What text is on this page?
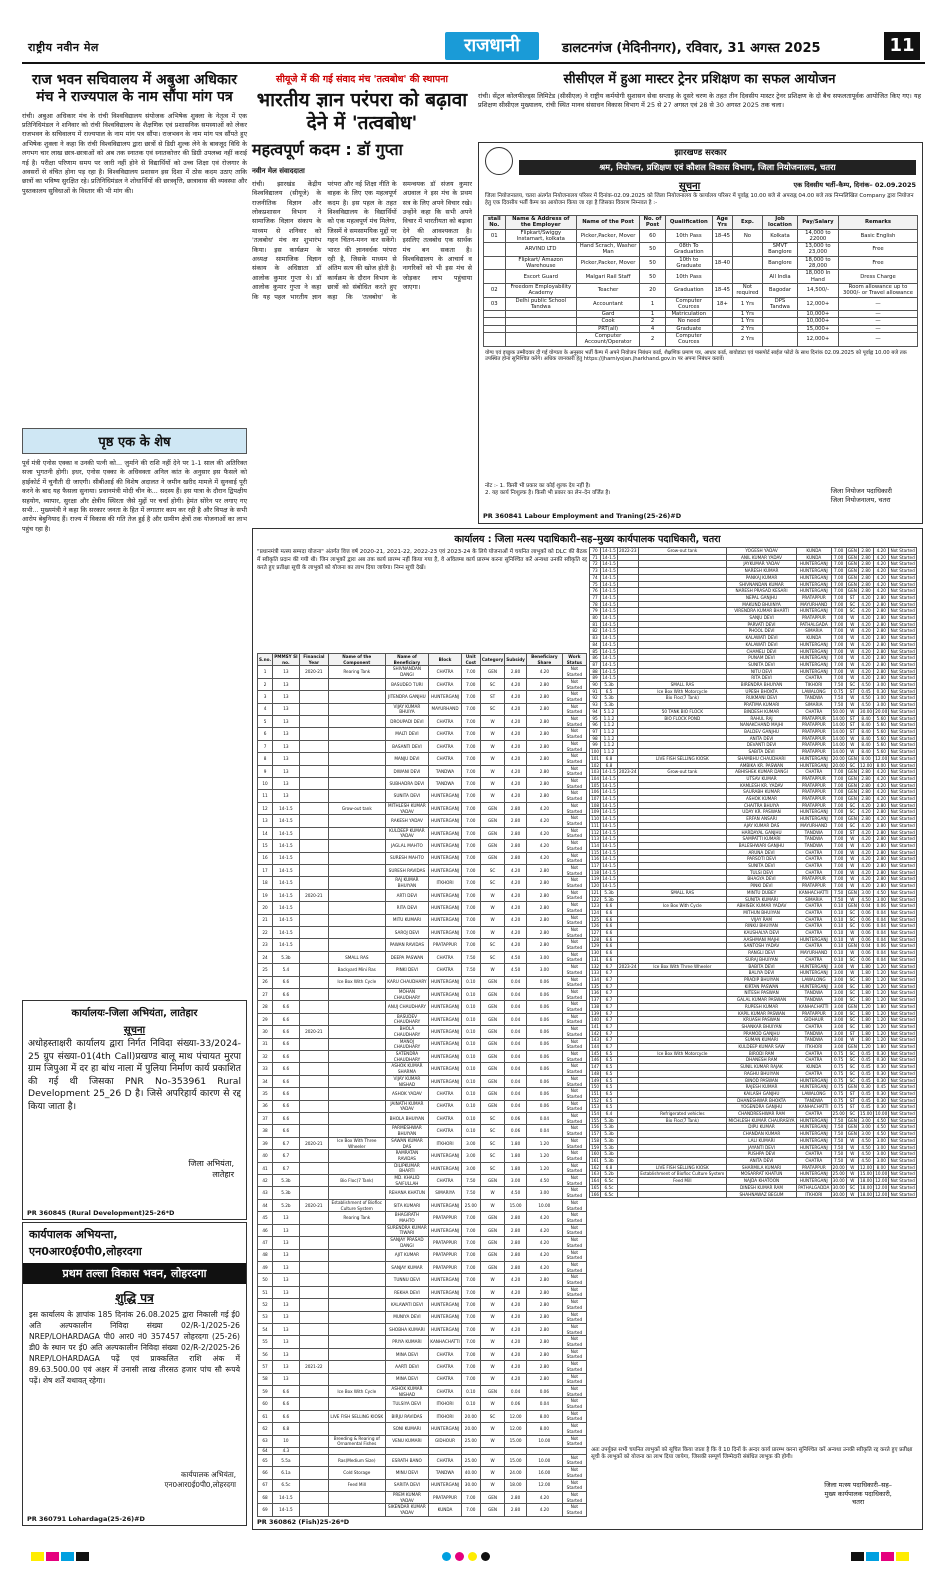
राष्ट्रीय नवीन मेल	राजधानी	डालटनगंज (मेदिनीनगर), रविवार, 31 अगस्त 2025	11
राज भवन सचिवालय में अबुआ अधिकार मंच ने राज्यपाल के नाम सौंपा मांग पत्र
रांची। अबुआ अधिकार मंच के रांची विश्वविद्यालय संयोजक अभिषेक शुक्ला के नेतृत्व में एक प्रतिनिधिमंडल ने शनिवार को रांची विश्वविद्यालय के शैक्षणिक एवं प्रशासनिक समस्याओं को लेकर राजभवन के सचिवालय में राज्यपाल के नाम मांग पत्र सौंपा। राजभवन के नाम मांग पत्र सौंपते हुए अभिषेक शुक्ला ने कहा कि रांची विश्वविद्यालय द्वारा छात्रों से डिग्री शुल्क लेने के बावजूद विधि के लगभग चार लाख छात्र-छात्राओं को अब तक स्नातक एवं स्नातकोत्तर की डिग्री उपलब्ध नहीं कराई गई है। परीक्षा परिणाम समय पर जारी नहीं होने से विद्यार्थियों को उच्च शिक्षा एवं रोजगार के अवसरों से वंचित होना पड़ रहा है। विश्वविद्यालय प्रशासन इस दिशा में ठोस कदम उठाए ताकि छात्रों का भविष्य सुरक्षित रहे। प्रतिनिधिमंडल ने शोधार्थियों की छात्रवृत्ति, छात्रावास की व्यवस्था और पुस्तकालय सुविधाओं के विस्तार की भी मांग की।
पृष्ठ एक के शेष
पूर्व मंत्री एनोस एक्का व उनकी पत्नी को... जुर्माने की राशि नहीं देने पर 1-1 साल की अतिरिक्त सजा भुगतनी होगी। इधर, एनोस एक्का के अधिवक्ता अनिल कांत के अनुसार इस फैसले को हाईकोर्ट में चुनौती दी जाएगी। सीबीआई की विशेष अदालत ने जमीन खरीद मामले में सुनवाई पूरी करने के बाद यह फैसला सुनाया। प्रधानमंत्री मोदी चीन के... सदस्य हैं। इस यात्रा के दौरान द्विपक्षीय सहयोग, व्यापार, सुरक्षा और क्षेत्रीय स्थिरता जैसे मुद्दों पर चर्चा होगी। हेमंत सोरेन पर लगाए गए सभी... मुख्यमंत्री ने कहा कि सरकार जनता के हित में लगातार काम कर रही है और विपक्ष के सभी आरोप बेबुनियाद हैं। राज्य में विकास की गति तेज हुई है और ग्रामीण क्षेत्रों तक योजनाओं का लाभ पहुंच रहा है।
कार्यालयः-जिला अभियंता, लातेहार
सूचना
अधोहस्ताक्षरी कार्यालय द्वारा निर्गत निविदा संख्या-33/2024-25 ग्रुप संख्या-01(4th Call)प्रखण्ड बालू माथ पंचायत मुरपा ग्राम जिपुआ में दर हा बांध नाला में पुलिया निर्माण कार्य प्रकाशित की गई थी जिसका PNR No-353961 Rural Development 25_26 D है। जिसे अपरिहार्य कारण से रद्द किया जाता है।
जिला अभियंता,
लातेहार
PR 360845 (Rural Development)25-26*D
कार्यपालक अभियन्ता,
एन0आर0ई0पी0,लोहरदगा
प्रथम तल्ला विकास भवन, लोहरदगा
शुद्धि पत्र
इस कार्यालय के ज्ञापांक 185 दिनांक 26.08.2025 द्वारा निकाली गई ई0 अति अल्पकालीन निविदा संख्या 02/R-1/2025-26 NREP/LOHARDAGA पी0 आर0 नं0 357457 लोहरदगा (25-26) डी0 के स्थान पर ई0 अति अल्पकालीन निविदा संख्या 02/R-2/2025-26 NREP/LOHARDAGA पढ़ें एवं प्राक्कलित राशि अंक में 89.63.500.00 एवं अक्षर में उनासी लाख तीरसठ हजार पांच सौ रूपये पढ़ें। शेष शर्तें यथावत् रहेगा।
कार्यपालक अभियंता,
एन0आर0ई0पी0,लोहरदगा
PR 360791 Lohardaga(25-26)#D
सीयूजे में की गई संवाद मंच 'तत्वबोध' की स्थापना
भारतीय ज्ञान परंपरा को बढ़ावा देने में 'तत्वबोध'
महत्वपूर्ण कदम : डॉ गुप्ता
नवीन मेल संवाददाता
रांची। झारखंड केंद्रीय विश्वविद्यालय (सीयूजे) के राजनीतिक विज्ञान और लोकप्रशासन विभाग ने सामाजिक विज्ञान संकाय के माध्यम से शनिवार को 'तत्वबोध' मंच का शुभारंभ किया। इस कार्यक्रम के अध्यक्ष सामाजिक विज्ञान संकाय के अधिष्ठाता डॉ आलोक कुमार गुप्ता थे। डॉ आलोक कुमार गुप्ता ने कहा कि यह पहल भारतीय ज्ञान परंपरा और नई शिक्षा नीति के वाहक के लिए एक महत्वपूर्ण कदम है। इस पहल के तहत विश्वविद्यालय के विद्यार्थियों को एक महत्वपूर्ण मंच मिलेगा, जिसमें वे समसामयिक मुद्दों पर गहन चिंतन-मनन कर सकेंगे। भारत की ज्ञानवर्धक परंपरा रही है, जिसके माध्यम से अंतिम सत्य की खोज होती है। कार्यक्रम के दौरान विभाग के छात्रों को संबोधित करते हुए कहा कि 'तत्वबोध' के समन्वयक डॉ संजय कुमार अग्रवाल ने इस मंच के प्रथम सत्र के लिए अपने विचार रखे। उन्होंने कहा कि सभी अपने विचार में भारतीयता को बढ़ावा देने की आवश्यकता है। इसलिए तत्वबोध एक सार्थक मंच बन सकता है। विश्वविद्यालय के आचार्य व नागरिकों को भी इस मंच से जोड़कर लाभ पहुंचाया जाएगा।
सीसीएल में हुआ मास्टर ट्रेनर प्रशिक्षण का सफल आयोजन
रांची। सेंट्रल कोलफील्ड्स लिमिटेड (सीसीएल) ने राष्ट्रीय कर्मयोगी सुशासन सेवा सप्ताह के दूसरे चरण के तहत तीन दिवसीय मास्टर ट्रेनर प्रशिक्षण के दो बैच सफलतापूर्वक आयोजित किए गए। यह प्रशिक्षण सीसीएल मुख्यालय, रांची स्थित मानव संसाधन विकास विभाग में 25 से 27 अगस्त एवं 28 से 30 अगस्त 2025 तक चला।
झारखण्ड सरकार
श्रम, नियोजन, प्रशिक्षण एवं कौशल विकास विभाग, जिला नियोजनालय, चतरा
सूचना	एक दिवसीय भर्ती–कैम्प, दिनांक– 02.09.2025
जिला नियोजनालय, चतरा अंतर्गत नियोजनालय परिसर में दिनांक-02.09.2025 को जिला नियोजनालय के कार्यालय परिसर में पूर्वाह्न 10.00 बजे से अपराह्न 04.00 बजे तक निम्नलिखित Company द्वारा नियोजन हेतु एक दिवसीय भर्ती कैम्प का आयोजन किया जा रहा है जिसका विवरण निम्नवत है :-
stall No.	Name & Address of the Employer	Name of the Post	No. of Post	Qualification	Age Yrs	Exp.	Job location	Pay/Salary	Remarks
01	Flipkart/Swiggy Instamart, kolkata	Picker,Packer, Mover	60	10th Pass	18-45	No	Kolkata	14,000 to 22000	Basic English
	ARVIND LTD	Hand Scrach, Washer Man	50	08th To Graduation			SMVT Banglore	13,000 to 23,000	Free
	Flipkart/ Amazon Warehouse	Picker,Packer, Mover	50	10th to Graduate	18-40		Banglore	18,000 to 28,000	Free
	Escort Guard	Malgari Rail Staff	50	10th Pass			All India	18,000 In Hand	Dress Charge
02	Freedom Employability Academy	Teacher	20	Graduation	18-45	Not required	Bagodar	14,500/-	Room allowance up to 3000/- or Travel allowance
03	Delhi public School Tandwa	Accountant	1	Computer Cources	18+	1 Yrs	DPS Tandwa	12,000+	—
		Gard	1	Matriculation		1 Yrs		10,000+	—
		Cook	2	No need		1 Yrs		10,000+	—
		PRT(all)	4	Graduate		2 Yrs		15,000+	—
		Computer Account/Operator	2	Computer Cources		2 Yrs		12,000+	—
योग्य एवं इच्छुक उम्मीदवार दी गई योग्यता के अनुसार भर्ती कैम्प में अपने नियोजन निबंधन कार्ड, शैक्षणिक प्रमाण पत्र, आधार कार्ड, बायोडाटा एवं पासपोर्ट साईज फोटो के साथ दिनांक 02.09.2025 को पूर्वाह्न 10.00 बजे तक उपस्थित होना सुनिश्चित करेंगे। अधिक जानकारी हेतु https://jharniyojan.jharkhand.gov.in पर अपना निबंधन करावें।
नोट :- 1. किसी भी प्रकार का कोई शुल्क देय नहीं है।
2. यह कार्य निःशुल्क है। किसी भी प्रकार का लेन–देन वर्जित है।	जिला नियोजन पदाधिकारी
जिला नियोजनालय, चतरा
PR 360841 Labour Employment and Traning(25-26)#D
कार्यालय : जिला मत्स्य पदाधिकारी–सह–मुख्य कार्यपालक पदाधिकारी, चतरा
"प्रधानमंत्री मत्स्य सम्पदा योजना" अंतर्गत वित्त वर्ष 2020-21, 2021-22, 2022-23 एवं 2023-24 के लिये योजनाओं में चयनित लाभुकों को DLC की बैठक में स्वीकृति प्रदान की गयी थी। जिन लाभुकों द्वारा अब तक कार्य प्रारम्भ नहीं किया गया है, वे अविलम्ब कार्य प्रारम्भ करना सुनिश्चित करें अन्यथा उनकी स्वीकृति रद्द करते हुए प्रतीक्षा सूची के लाभुकों को योजना का लाभ दिया जायेगा। निम्न सूची देखें।
S.no.	PMMSY Sl no.	Financial Year	Name of the Component	Name of Beneficiary	Block	Unit Cost	Category	Subsidy	Beneficiary Share	Work Status
1	13	2020-21	Rearing Tank	SHIVNANDAN DANGI	CHATRA	7.00	GEN	2.80	4.20	Not Started
2	13			BASUDEO TURI	CHATRA	7.00	SC	4.20	2.80	Not Started
3	13			JITENDRA GANJHU	HUNTERGANJ	7.00	ST	4.20	2.80	Not Started
4	13			VIJAY KUMAR BHUIYA	MAYURHAND	7.00	SC	4.20	2.80	Not Started
5	13			DROUPADI DEVI	CHATRA	7.00	W	4.20	2.80	Not Started
6	13			MALTI DEVI	CHATRA	7.00	W	4.20	2.80	Not Started
7	13			BASANTI DEVI	CHATRA	7.00	W	4.20	2.80	Not Started
8	13			MANJU DEVI	CHATRA	7.00	W	4.20	2.80	Not Started
9	13			DIWANI DEVI	TANDWA	7.00	W	4.20	2.80	Not Started
10	13			SUBHADRA DEVI	TANDWA	7.00	W	4.20	2.80	Not Started
11	13			SUNITA DEVI	HUNTERGANJ	7.00	W	4.20	2.80	Not Started
12	14-1.5		Grow-out tank	MITHLESH KUMAR YADAV	HUNTERGANJ	7.00	GEN	2.80	4.20	Not Started
13	14-1.5			RAKESH YADAV	HUNTERGANJ	7.00	GEN	2.80	4.20	Not Started
14	14-1.5			KULDEEP KUMAR YADAV	HUNTERGANJ	7.00	GEN	2.80	4.20	Not Started
15	14-1.5			JAGLAL MAHTO	HUNTERGANJ	7.00	GEN	2.80	4.20	Not Started
16	14-1.5			SURESH MAHTO	HUNTERGANJ	7.00	GEN	2.80	4.20	Not Started
17	14-1.5			SURESH RAVIDAS	HUNTERGANJ	7.00	SC	4.20	2.80	Not Started
18	14-1.5			RAJ KUMAR BHUIYAN	ITKHORI	7.00	SC	4.20	2.80	Not Started
19	14-1.5	2020-21		ARTI DEVI	HUNTERGANJ	7.00	W	4.20	2.80	Not Started
20	14-1.5			RITA DEVI	HUNTERGANJ	7.00	W	4.20	2.80	Not Started
21	14-1.5			MITU KUMARI	HUNTERGANJ	7.00	W	4.20	2.80	Not Started
22	14-1.5			SAROJ DEVI	HUNTERGANJ	7.00	W	4.20	2.80	Not Started
23	14-1.5			PAWAN RAVIDAS	PRATAPPUR	7.00	SC	4.20	2.80	Not Started
24	5.3b		SMALL RAS	DEEPA PASWAN	CHATRA	7.50	SC	4.50	3.00	Not Started
25	5.4		Backyard Mini Ras	PINKI DEVI	CHATRA	7.50	W	4.50	3.00	Not Started
26	6.6		Ice Box With Cycle	KARU CHAUDHARY	HUNTERGANJ	0.10	GEN	0.04	0.06	Not Started
27	6.6			MOHAN CHAUDHARY	HUNTERGANJ	0.10	GEN	0.04	0.06	Not Started
28	6.6			ANUJ CHAUDHARY	HUNTERGANJ	0.10	GEN	0.04	0.06	Not Started
29	6.6			BASUDEV CHAUDHARY	HUNTERGANJ	0.10	GEN	0.04	0.06	Not Started
30	6.6	2020-21		BHOLA CHAUDHARY	HUNTERGANJ	0.10	GEN	0.04	0.06	Not Started
31	6.6			MANOJ CHAUDHARY	HUNTERGANJ	0.10	GEN	0.04	0.06	Not Started
32	6.6			SATENDRA CHAUDHARY	HUNTERGANJ	0.10	GEN	0.04	0.06	Not Started
33	6.6			ASHOK KUMAR SHARMA	HUNTERGANJ	0.10	GEN	0.04	0.06	Not Started
34	6.6			VIJAY KUMAR NISHAD	HUNTERGANJ	0.10	GEN	0.04	0.06	Not Started
35	6.6			ASHOK YADAV	CHATRA	0.10	GEN	0.04	0.06	Not Started
36	6.6			JAINATH KUMAR YADAV	CHATRA	0.10	GEN	0.04	0.06	Not Started
37	6.6			BHOLA BHUIYAN	CHATRA	0.10	SC	0.06	0.04	Not Started
38	6.6			PARMESHWAR BHUIYAN	CHATRA	0.10	SC	0.06	0.04	Not Started
39	6.7	2020-21	Ice Box With Three Wheeler	SAWAN KUMAR DAS	ITKHORI	3.00	SC	1.80	1.20	Not Started
40	6.7			RAMRATAN RAVIDAS	HUNTERGANJ	3.00	SC	1.80	1.20	Not Started
41	6.7			DILIPKUMAR BHARTI	HUNTERGANJ	3.00	SC	1.80	1.20	Not Started
42	5.3b		Bio Floc(7 Tank)	MD. KHALID SAIFULLAH	CHATRA	7.50	GEN	3.00	4.50	Not Started
43	5.3b			REHANA KHATUN	SIMARIYA	7.50	W	4.50	3.00	Not Started
44	5.2b	2020-21	Establishment of Biofloc Culture System	SITA KUMARI	HUNTERGANJ	25.00	W	15.00	10.00	Not Started
45	13		Rearing Tank	BHAGIRATH MAHTO	PRATAPPUR	7.00	GEN	2.80	4.20	Not Started
46	13			SURENDRA KUMAR TIWARI	HUNTERGANJ	7.00	GEN	2.80	4.20	Not Started
47	13			SANJAY PRASAD DANGI	PRATAPPUR	7.00	GEN	2.80	4.20	Not Started
48	13			AJIT KUMAR	PRATAPPUR	7.00	GEN	2.80	4.20	Not Started
49	13			SANJAY KUMAR	PRATAPPUR	7.00	GEN	2.80	4.20	Not Started
50	13			TUNNU DEVI	HUNTERGANJ	7.00	W	4.20	2.80	Not Started
51	13			REKHA DEVI	HUNTERGANJ	7.00	W	4.20	2.80	Not Started
52	13			KALAWATI DEVI	HUNTERGANJ	7.00	W	4.20	2.80	Not Started
53	13			MUNIYA DEVI	HUNTERGANJ	7.00	W	4.20	2.80	Not Started
54	13			SHOBHA KUMARI	HUNTERGANJ	7.00	W	4.20	2.80	Not Started
55	13			PRIYA KUMARI	KANHACHATTI	7.00	W	4.20	2.80	Not Started
56	13			MINA DEVI	CHATRA	7.00	W	4.20	2.80	Not Started
57	13	2021-22		AARTI DEVI	CHATRA	7.00	W	4.20	2.80	Not Started
58	13			MINA DEVI	CHATRA	7.00	W	4.20	2.80	Not Started
59	6.6		Ice Box With Cycle	ASHOK KUMAR NISHAD	CHATRA	0.10	GEN	0.04	0.06	Not Started
60	6.6			TULSIYA DEVI	ITKHORI	0.10	W	0.06	0.04	Not Started
61	6.6		LIVE FISH SELLING KIOSK	BIRJU RAVIDAS	ITKHORI	20.00	SC	12.00	8.00	Not Started
62	6.8			SONI KUMARI	HUNTERGANJ	20.00	W	12.00	8.00	Not Started
63	10		Breeding & Rearing of Ornamental Fishes	VENU KUMARI	GIDHOUR	25.00	W	15.00	10.00	Not Started
64	4.3									
65	5.5a		Ras(Medium Size)	ESRATH BANO	CHATRA	25.00	W	15.00	10.00	Not Started
66	6.1a		Cold Storage	MINU DEVI	TANDWA	40.00	W	24.00	16.00	Not Started
67	6.5c		Feed Mill	SARITA DEVI	HUNTERGANJ	30.00	W	18.00	12.00	Not Started
68	14-1.5			PREM KUMAR YADAV	PRATAPPUR	7.00	GEN	2.80	4.20	Not Started
69	14-1.5			SIKENDAR KUMAR YADAV	KUNDA	7.00	GEN	2.80	4.20	Not Started
70	14-1.5	2022-23	Grow-out tank	YOGESH YADAV	KUNDA	7.00	GEN	2.80	4.20	Not Started
71	14-1.5			ANIL KUMAR YADAV	KUNDA	7.00	GEN	2.80	4.20	Not Started
72	14-1.5			JAYKUMAR YADAV	HUNTERGANJ	7.00	GEN	2.80	4.20	Not Started
73	14-1.5			NARESH KUMAR	HUNTERGANJ	7.00	GEN	2.80	4.20	Not Started
74	14-1.5			PANKAJ KUMAR	HUNTERGANJ	7.00	GEN	2.80	4.20	Not Started
75	14-1.5			SHIVNANDAN KUMAR	HUNTERGANJ	7.00	GEN	2.80	4.20	Not Started
76	14-1.5			NARESH PRASAD KESARI	HUNTERGANJ	7.00	GEN	2.80	4.20	Not Started
77	14-1.5			NEPAL GANJHU	PRATAPPUR	7.00	ST	4.20	2.80	Not Started
78	14-1.5			MAKUND BHUINYA	MAYURHAND	7.00	SC	4.20	2.80	Not Started
79	14-1.5			VIRENDRA KUMAR BHARTI	HUNTERGANJ	7.00	SC	4.20	2.80	Not Started
80	14-1.5			SANJU DEVI	PRATAPPUR	7.00	W	4.20	2.80	Not Started
81	14-1.5			PARVATI DEVI	PATHALGADA	7.00	W	4.20	2.80	Not Started
82	14-1.5			PHOOL DEVI	SIMARIA	7.00	W	4.20	2.80	Not Started
83	14-1.5			KALAWATI DEVI	KUNDA	7.00	W	4.20	2.80	Not Started
84	14-1.5			KALAWATI DEVI	HUNTERGANJ	7.00	W	4.20	2.80	Not Started
85	14-1.5			CHAMELI DEVI	HUNTERGANJ	7.00	W	4.20	2.80	Not Started
86	14-1.5			PUNAM DEVI	HUNTERGANJ	7.00	W	4.20	2.80	Not Started
87	14-1.5			SUNITA DEVI	HUNTERGANJ	7.00	W	4.20	2.80	Not Started
88	14-1.5			NITU DEVI	HUNTERGANJ	7.00	W	4.20	2.80	Not Started
89	14-1.5			RITA DEVI	CHATRA	7.00	W	4.20	2.80	Not Started
90	5.3b		SMALL RAS	BIRENDRA BHUIYAN	TIKHORI	7.50	SC	4.50	3.00	Not Started
91	6.5		Ice Box With Motorcycle	UPESH BHOKTA	LAWALONG	0.75	ST	0.45	0.30	Not Started
92	5.3b		Bio Floc(7 Tank)	RUKMANI DEVI	TANDWA	7.50	W	4.50	3.00	Not Started
93	5.3b			PRATIMA KUMARI	SIMARIA	7.50	W	4.50	3.00	Not Started
94	5.1.2		50 TANK BIO FLOCK	BINDESH KUMAR	CHATRA	50.00	W	30.00	20.00	Not Started
95	1.1.2		BIO FLOCK POND	RAHUL RAJ	PRATAPPUR	14.00	ST	8.40	5.60	Not Started
96	1.1.2			NANAKCHAND MAJHI	PRATAPPUR	14.00	ST	8.40	5.60	Not Started
97	1.1.2			BALDEV GANJHU	PRATAPPUR	14.00	ST	8.40	5.60	Not Started
98	1.1.2			ANITA DEVI	PRATAPPUR	14.00	W	8.40	5.60	Not Started
99	1.1.2			DEVANTI DEVI	PRATAPPUR	14.00	W	8.40	5.60	Not Started
100	1.1.2			SABITA DEVI	PRATAPPUR	14.00	W	8.40	5.60	Not Started
101	6.8		LIVE FISH SELLING KIOSK	SHAMBHU CHAUDHARI	HUNTERGANJ	20.00	GEN	8.00	12.00	Not Started
102	6.8			AMBIKA KR. PASWAN	HUNTERGANJ	20.00	SC	12.00	8.00	Not Started
103	14-1.5	2023-24	Grow-out tank	ABHISHEK KUMAR DANGI	CHATRA	7.00	GEN	2.80	4.20	Not Started
104	14-1.5			UTSAV KUMAR	PRATAPPUR	7.00	GEN	2.80	4.20	Not Started
105	14-1.5			KAMLESH KR. YADAV	PRATAPPUR	7.00	GEN	2.80	4.20	Not Started
106	14-1.5			SAURABH KUMAR	PRATAPPUR	7.00	GEN	2.80	4.20	Not Started
107	14-1.5			ASHOK KUMAR	PRATAPPUR	7.00	GEN	2.80	4.20	Not Started
108	14-1.5			CHAITRA BHUIYA	PRATAPPUR	7.00	SC	4.20	2.80	Not Started
109	14-1.5			UDAY KR. PASWAN	HUNTERGANJ	7.00	SC	4.20	2.80	Not Started
110	14-1.5			ERFAN ANSARI	HUNTERGANJ	7.00	GEN	2.80	4.20	Not Started
111	14-1.5			AJAY KUMAR DAS	MAYURHAND	7.00	SC	4.20	2.80	Not Started
112	14-1.5			HARDAYAL GANJHU	TANDWA	7.00	ST	4.20	2.80	Not Started
113	14-1.5			SAMPATTI KUMARI	TANDWA	7.00	W	4.20	2.80	Not Started
114	14-1.5			BALESHWARI GANJHU	TANDWA	7.00	W	4.20	2.80	Not Started
115	14-1.5			ARUNA DEVI	CHATRA	7.00	W	4.20	2.80	Not Started
116	14-1.5			PARSOTI DEVI	CHATRA	7.00	W	4.20	2.80	Not Started
117	14-1.5			SUNITA DEVI	CHATRA	7.00	W	4.20	2.80	Not Started
118	14-1.5			TULSI DEVI	CHATRA	7.00	W	4.20	2.80	Not Started
119	14-1.5			BHAGYA DEVI	PRATAPPUR	7.00	W	4.20	2.80	Not Started
120	14-1.5			PINKI DEVI	PRATAPPUR	7.00	W	4.20	2.80	Not Started
121	5.3b		SMALL RAS	MINTU DUBEY	KANHACHATTI	7.50	GEN	3.00	4.50	Not Started
122	5.3b			SUNITA KUMARI	SIMARIA	7.50	W	4.50	3.00	Not Started
123	6.6		Ice Box With Cycle	ABHISEK KUMAR YADAV	CHATRA	0.10	GEN	0.04	0.06	Not Started
124	6.6			MITHUN BHUIYAN	CHATRA	0.10	SC	0.06	0.04	Not Started
125	6.6			VIJAY RAM	CHATRA	0.10	SC	0.06	0.04	Not Started
126	6.6			RINKU BHUIYAN	CHATRA	0.10	SC	0.06	0.04	Not Started
127	6.6			KAUSHALYA DEVI	CHATRA	0.10	W	0.06	0.04	Not Started
128	6.6			AASHMANI MAJHI	HUNTERGANJ	0.10	W	0.06	0.04	Not Started
129	6.6			SANTOSH YADAV	CHATRA	0.10	GEN	0.04	0.06	Not Started
130	6.6			RANGLI DEVI	MAYURHAND	0.10	W	0.06	0.04	Not Started
131	6.6			SURAJ BHUIYAN	CHATRA	0.10	SC	0.06	0.04	Not Started
132	6.7	2023-24	Ice Box With Three Wheeler	BABITA DEVI	HUNTERGANJ	3.00	W	1.80	1.20	Not Started
133	6.7			BALIYA DEVI	HUNTERGANJ	3.00	W	1.80	1.20	Not Started
134	6.7			PRADIP BHUIYAN	LAWALONG	3.00	SC	1.80	1.20	Not Started
135	6.7			KIRTAN PASWAN	HUNTERGANJ	3.00	SC	1.80	1.20	Not Started
136	6.7			NITESH PASWAN	TANDWA	3.00	SC	1.80	1.20	Not Started
137	6.7			GALAL KUMAR PASWAN	TANDWA	3.00	SC	1.80	1.20	Not Started
138	6.7			RUPESH KUMAR	KANHACHATTI	3.00	GEN	1.20	1.80	Not Started
139	6.7			KAPIL KUMAR PASWAN	PRATAPPUR	3.00	SC	1.80	1.20	Not Started
140	6.7			KRUASH PASWAN	GIDHAUR	3.00	SC	1.80	1.20	Not Started
141	6.7			SHANKAR BHUIYAN	CHATRA	3.00	SC	1.80	1.20	Not Started
142	6.7			PRAMOD GANJHU	TANDWA	3.00	ST	1.80	1.20	Not Started
143	6.7			SUMAN KUMARI	TANDWA	3.00	W	1.80	1.20	Not Started
144	6.7			KULDEEP KUMAR SAW	ITKHORI	3.00	GEN	1.20	1.80	Not Started
145	6.5		Ice Box With Motorcycle	BIRODI RAM	CHATRA	0.75	SC	0.45	0.30	Not Started
146	6.5			DHANESH RAM	CHATRA	0.75	SC	0.45	0.30	Not Started
147	6.5			SUNIL KUMAR RAJAK	KUNDA	0.75	SC	0.45	0.30	Not Started
148	6.5			RAGHU BHUIYAN	CHATRA	0.75	SC	0.45	0.30	Not Started
149	6.5			BINOD PASWAN	HUNTERGANJ	0.75	SC	0.45	0.30	Not Started
150	6.5			RAJESH KUMAR	HUNTERGANJ	0.75	GEN	0.30	0.45	Not Started
151	6.5			KAILASH GANJHU	LAWALONG	0.75	ST	0.45	0.30	Not Started
152	6.5			DHANESHWAR BHOKTA	TANDWA	0.75	ST	0.45	0.30	Not Started
153	6.5			YOGENDRA GANJHU	KANHACHATTI	0.75	ST	0.45	0.30	Not Started
154	6.4		Refrigerated vehicles	CHANDRESHWAR RAM	CHATRA	25.00	SC	15.00	10.00	Not Started
155	5.3b		Bio Floc(7 Tank)	MICHLESH KUMAR CHAURASIYA	HUNTERGANJ	7.50	GEN	3.00	4.50	Not Started
156	5.3b			DIPU KUMAR	HUNTERGANJ	7.50	GEN	3.00	4.50	Not Started
157	5.3b			CHANDAN KUMAR	HUNTERGANJ	7.50	GEN	3.00	4.50	Not Started
158	5.3b			LALI KUMARI	HUNTERGANJ	7.50	W	4.50	3.00	Not Started
159	5.3b			JAYANTI DEVI	HUNTERGANJ	7.50	W	4.50	3.00	Not Started
160	5.3b			PUSHPA DEVI	CHATRA	7.50	W	4.50	3.00	Not Started
161	5.3b			ANITA DEVI	CHATRA	7.50	W	4.50	3.00	Not Started
162	6.8		LIVE FISH SELLING KIOSK	SHARMILA KUMARI	PRATAPPUR	20.00	W	12.00	8.00	Not Started
163	5.2b		Establishment of Biofloc Culture System	MOSARRAT KHATUN	HUNTERGANJ	25.00	W	15.00	10.00	Not Started
164	6.5c		Feed Mill	NAJDA KHATOON	HUNTERGANJ	30.00	W	18.00	12.00	Not Started
165	6.5c			DINESH KUMAR RAM	PATHALGADDA	30.00	SC	18.00	12.00	Not Started
166	6.5c			SHAHNAWAZ BEGUM	ITKHORI	30.00	W	18.00	12.00	Not Started
अतः उपर्युक्त सभी चयनित लाभुकों को सूचित किया जाता है कि वे 10 दिनों के अन्दर कार्य प्रारम्भ करना सुनिश्चित करें अन्यथा उनकी स्वीकृति रद्द करते हुए प्रतीक्षा सूची के लाभुकों को योजना का लाभ दिया जायेगा, जिसकी सम्पूर्ण जिम्मेदारी संबंधित लाभुक की होगी।
जिला मत्स्य पदाधिकारी–सह–
मुख्य कार्यपालक पदाधिकारी,
चतरा
PR 360862 (Fish)25-26*D
